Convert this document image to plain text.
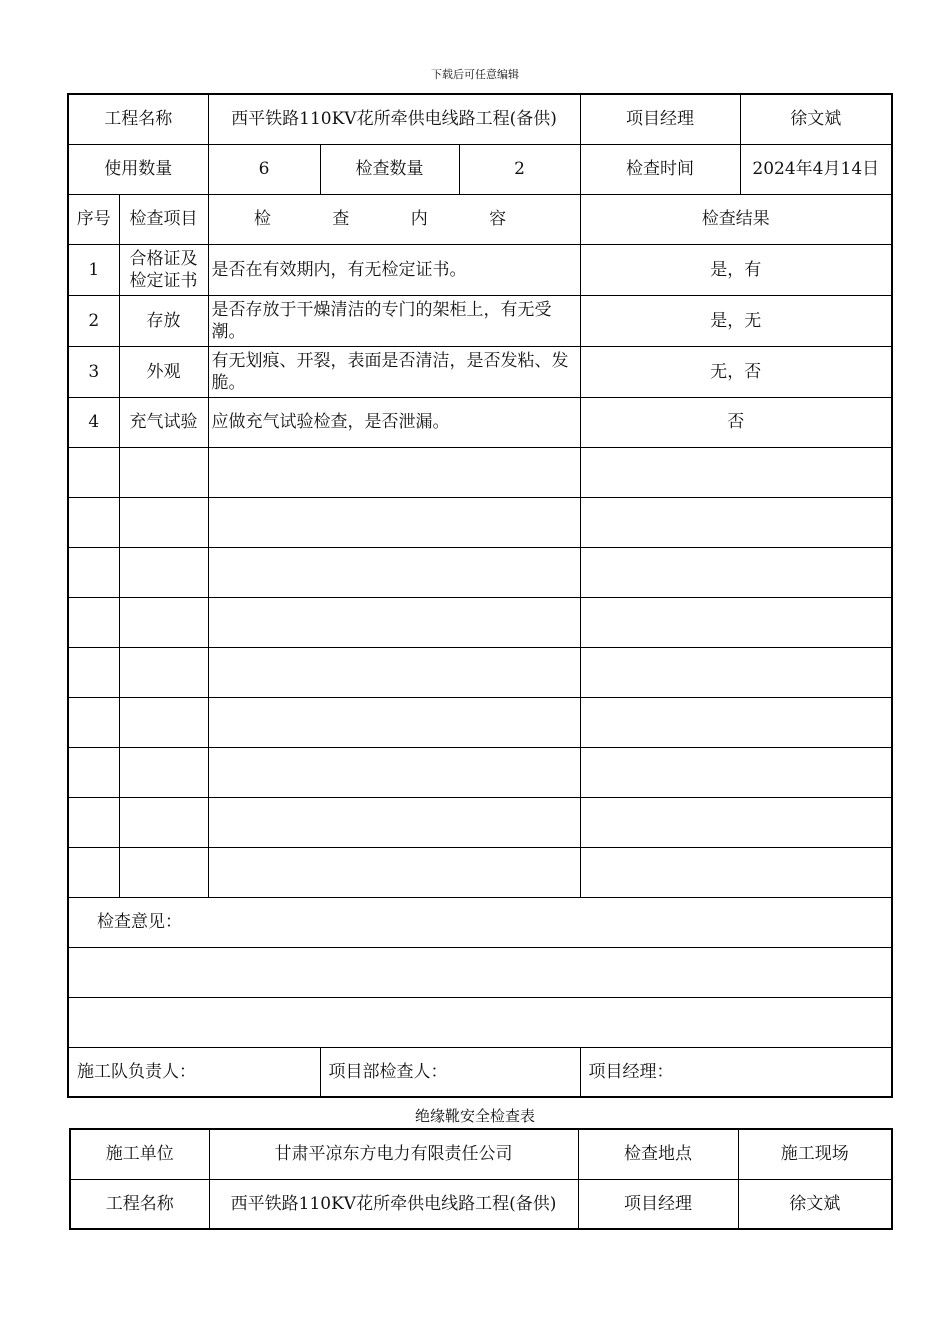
下载后可任意编辑
工程名称		西平铁路110KV花所牵供电线路工程(备供)			项目经理	徐文斌
使用数量		6	检查数量	2	检查时间	2024年4月14日
序号	检查项目	检 查 内 容			检查结果	
1	合格证及检定证书	是否在有效期内，有无检定证书。			是，有	
2	存放	是否存放于干燥清洁的专门的架柜上，有无受潮。			是，无	
3	外观	有无划痕、开裂，表面是否清洁，是否发粘、发脆。			无，否	
4	充气试验	应做充气试验检查，是否泄漏。			否	

检查意见：						

施工队负责人：			项目部检查人：		项目经理：	
绝缘靴安全检查表
施工单位	甘肃平凉东方电力有限责任公司	检查地点	施工现场
工程名称	西平铁路110KV花所牵供电线路工程(备供)	项目经理	徐文斌
